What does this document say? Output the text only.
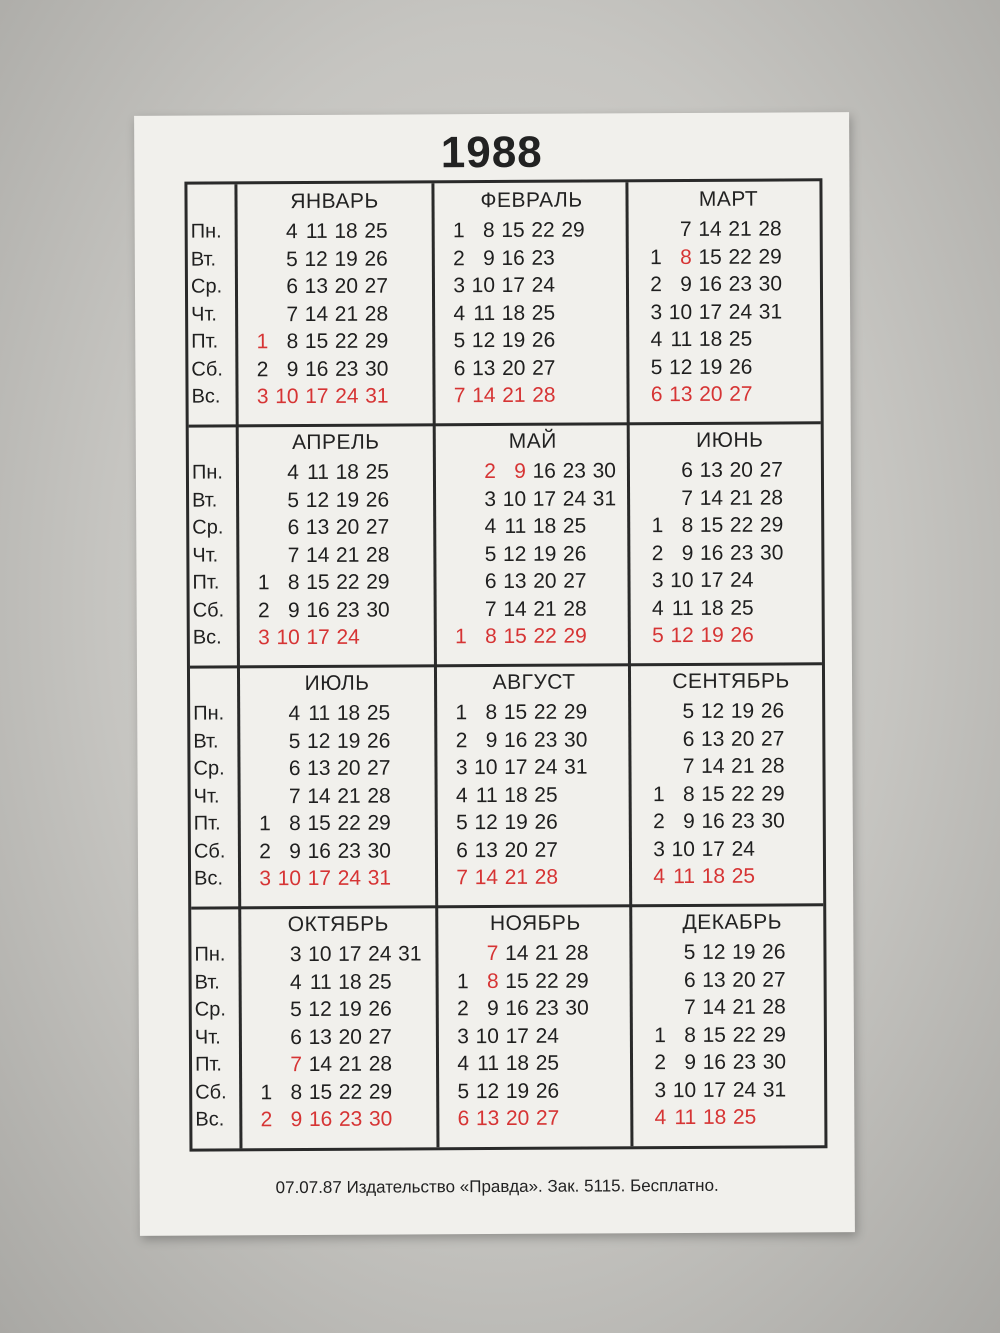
1988
Пн.
Вт.
Ср.
Чт.
Пт.
Сб.
Вс.
ЯНВАРЬ
1
2
3
4
5
6
7
8
9
10
11
12
13
14
15
16
17
18
19
20
21
22
23
24
25
26
27
28
29
30
31
ФЕВРАЛЬ
1
2
3
4
5
6
7
8
9
10
11
12
13
14
15
16
17
18
19
20
21
22
23
24
25
26
27
28
29
МАРТ
1
2
3
4
5
6
7
8
9
10
11
12
13
14
15
16
17
18
19
20
21
22
23
24
25
26
27
28
29
30
31
Пн.
Вт.
Ср.
Чт.
Пт.
Сб.
Вс.
АПРЕЛЬ
1
2
3
4
5
6
7
8
9
10
11
12
13
14
15
16
17
18
19
20
21
22
23
24
25
26
27
28
29
30
МАЙ
1
2
3
4
5
6
7
8
9
10
11
12
13
14
15
16
17
18
19
20
21
22
23
24
25
26
27
28
29
30
31
ИЮНЬ
1
2
3
4
5
6
7
8
9
10
11
12
13
14
15
16
17
18
19
20
21
22
23
24
25
26
27
28
29
30
Пн.
Вт.
Ср.
Чт.
Пт.
Сб.
Вс.
ИЮЛЬ
1
2
3
4
5
6
7
8
9
10
11
12
13
14
15
16
17
18
19
20
21
22
23
24
25
26
27
28
29
30
31
АВГУСТ
1
2
3
4
5
6
7
8
9
10
11
12
13
14
15
16
17
18
19
20
21
22
23
24
25
26
27
28
29
30
31
СЕНТЯБРЬ
1
2
3
4
5
6
7
8
9
10
11
12
13
14
15
16
17
18
19
20
21
22
23
24
25
26
27
28
29
30
Пн.
Вт.
Ср.
Чт.
Пт.
Сб.
Вс.
ОКТЯБРЬ
1
2
3
4
5
6
7
8
9
10
11
12
13
14
15
16
17
18
19
20
21
22
23
24
25
26
27
28
29
30
31
НОЯБРЬ
1
2
3
4
5
6
7
8
9
10
11
12
13
14
15
16
17
18
19
20
21
22
23
24
25
26
27
28
29
30
ДЕКАБРЬ
1
2
3
4
5
6
7
8
9
10
11
12
13
14
15
16
17
18
19
20
21
22
23
24
25
26
27
28
29
30
31
07.07.87 Издательство «Правда». Зак. 5115. Бесплатно.
